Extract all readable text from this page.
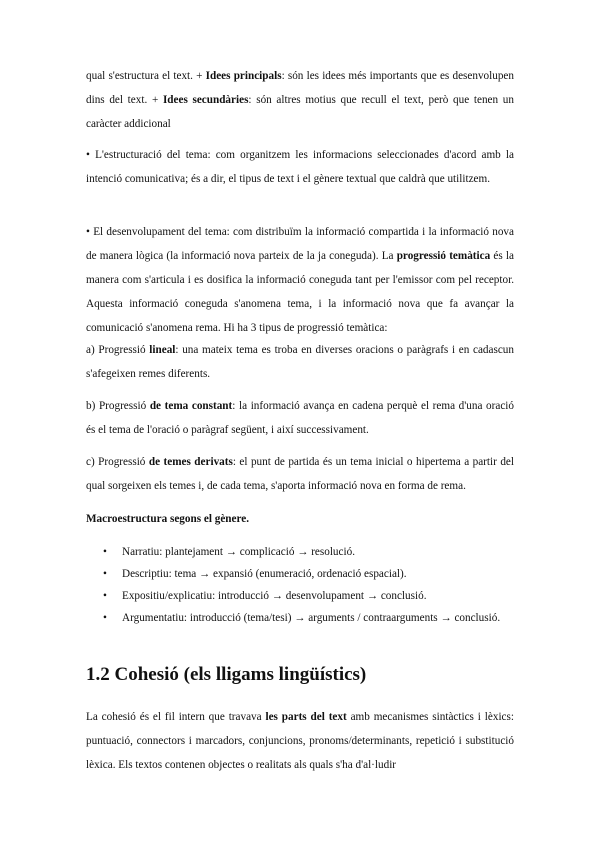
qual s'estructura el text. + Idees principals: són les idees més importants que es desenvolupen dins del text. + Idees secundàries: són altres motius que recull el text, però que tenen un caràcter addicional
• L'estructuració del tema: com organitzem les informacions seleccionades d'acord amb la intenció comunicativa; és a dir, el tipus de text i el gènere textual que caldrà que utilitzem.
• El desenvolupament del tema: com distribuïm la informació compartida i la informació nova de manera lògica (la informació nova parteix de la ja coneguda). La progressió temàtica és la manera com s'articula i es dosifica la informació coneguda tant per l'emissor com pel receptor. Aquesta informació coneguda s'anomena tema, i la informació nova que fa avançar la comunicació s'anomena rema. Hi ha 3 tipus de progressió temàtica:
a) Progressió lineal: una mateix tema es troba en diverses oracions o paràgrafs i en cadascun s'afegeixen remes diferents.
b) Progressió de tema constant: la informació avança en cadena perquè el rema d'una oració és el tema de l'oració o paràgraf següent, i així successivament.
c) Progressió de temes derivats: el punt de partida és un tema inicial o hipertema a partir del qual sorgeixen els temes i, de cada tema, s'aporta informació nova en forma de rema.
Macroestructura segons el gènere.
• Narratiu: plantejament → complicació → resolució.
• Descriptiu: tema → expansió (enumeració, ordenació espacial).
• Expositiu/explicatiu: introducció → desenvolupament → conclusió.
• Argumentatiu: introducció (tema/tesi) → arguments / contraarguments → conclusió.
1.2 Cohesió (els lligams lingüístics)
La cohesió és el fil intern que travava les parts del text amb mecanismes sintàctics i lèxics: puntuació, connectors i marcadors, conjuncions, pronoms/determinants, repetició i substitució lèxica. Els textos contenen objectes o realitats als quals s'ha d'al·ludir
